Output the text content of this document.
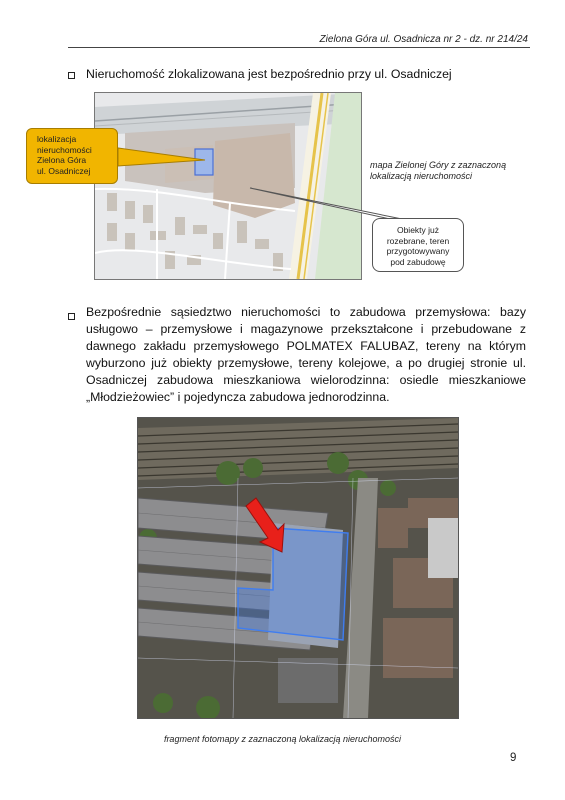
Zielona Góra ul. Osadnicza nr 2 - dz. nr 214/24
Nieruchomość zlokalizowana jest bezpośrednio przy ul. Osadniczej
lokalizacja
nieruchomości
Zielona Góra
ul. Osadniczej
mapa Zielonej Góry z zaznaczoną
lokalizacją nieruchomości
Obiekty już
rozebrane, teren
przygotowywany
pod zabudowę
Bezpośrednie sąsiedztwo nieruchomości to zabudowa przemysłowa: bazy usługowo – przemysłowe i magazynowe przekształcone i przebudowane z dawnego zakładu przemysłowego POLMATEX FALUBAZ, tereny na którym wyburzono już obiekty przemysłowe, tereny kolejowe, a po drugiej stronie ul. Osadniczej zabudowa mieszkaniowa wielorodzinna: osiedle mieszkaniowe „Młodzieżowiec” i pojedyncza zabudowa jednorodzinna.
fragment fotomapy z zaznaczoną lokalizacją nieruchomości
9
